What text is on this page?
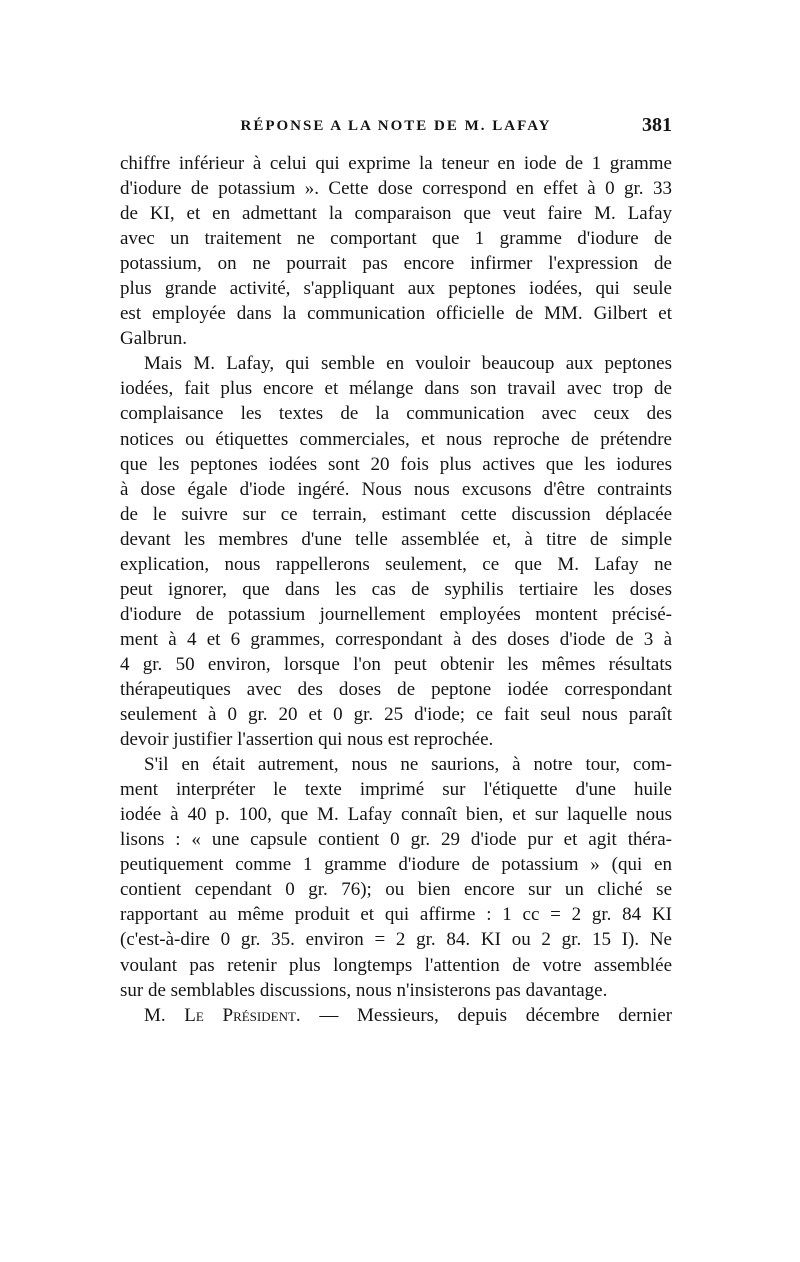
RÉPONSE A LA NOTE DE M. LAFAY	381
chiffre inférieur à celui qui exprime la teneur en iode de 1 gramme
d'iodure de potassium ». Cette dose correspond en effet à 0 gr. 33
de KI, et en admettant la comparaison que veut faire M. Lafay
avec un traitement ne comportant que 1 gramme d'iodure de
potassium, on ne pourrait pas encore infirmer l'expression de
plus grande activité, s'appliquant aux peptones iodées, qui seule
est employée dans la communication officielle de MM. Gilbert et
Galbrun.
Mais M. Lafay, qui semble en vouloir beaucoup aux peptones
iodées, fait plus encore et mélange dans son travail avec trop de
complaisance les textes de la communication avec ceux des
notices ou étiquettes commerciales, et nous reproche de prétendre
que les peptones iodées sont 20 fois plus actives que les iodures
à dose égale d'iode ingéré. Nous nous excusons d'être contraints
de le suivre sur ce terrain, estimant cette discussion déplacée
devant les membres d'une telle assemblée et, à titre de simple
explication, nous rappellerons seulement, ce que M. Lafay ne
peut ignorer, que dans les cas de syphilis tertiaire les doses
d'iodure de potassium journellement employées montent précisé-
ment à 4 et 6 grammes, correspondant à des doses d'iode de 3 à
4 gr. 50 environ, lorsque l'on peut obtenir les mêmes résultats
thérapeutiques avec des doses de peptone iodée correspondant
seulement à 0 gr. 20 et 0 gr. 25 d'iode; ce fait seul nous paraît
devoir justifier l'assertion qui nous est reprochée.
S'il en était autrement, nous ne saurions, à notre tour, com-
ment interpréter le texte imprimé sur l'étiquette d'une huile
iodée à 40 p. 100, que M. Lafay connaît bien, et sur laquelle nous
lisons : « une capsule contient 0 gr. 29 d'iode pur et agit théra-
peutiquement comme 1 gramme d'iodure de potassium » (qui en
contient cependant 0 gr. 76); ou bien encore sur un cliché se
rapportant au même produit et qui affirme : 1 cc = 2 gr. 84 KI
(c'est-à-dire 0 gr. 35. environ = 2 gr. 84. KI ou 2 gr. 15 I). Ne
voulant pas retenir plus longtemps l'attention de votre assemblée
sur de semblables discussions, nous n'insisterons pas davantage.
M. Le Président. — Messieurs, depuis décembre dernier
